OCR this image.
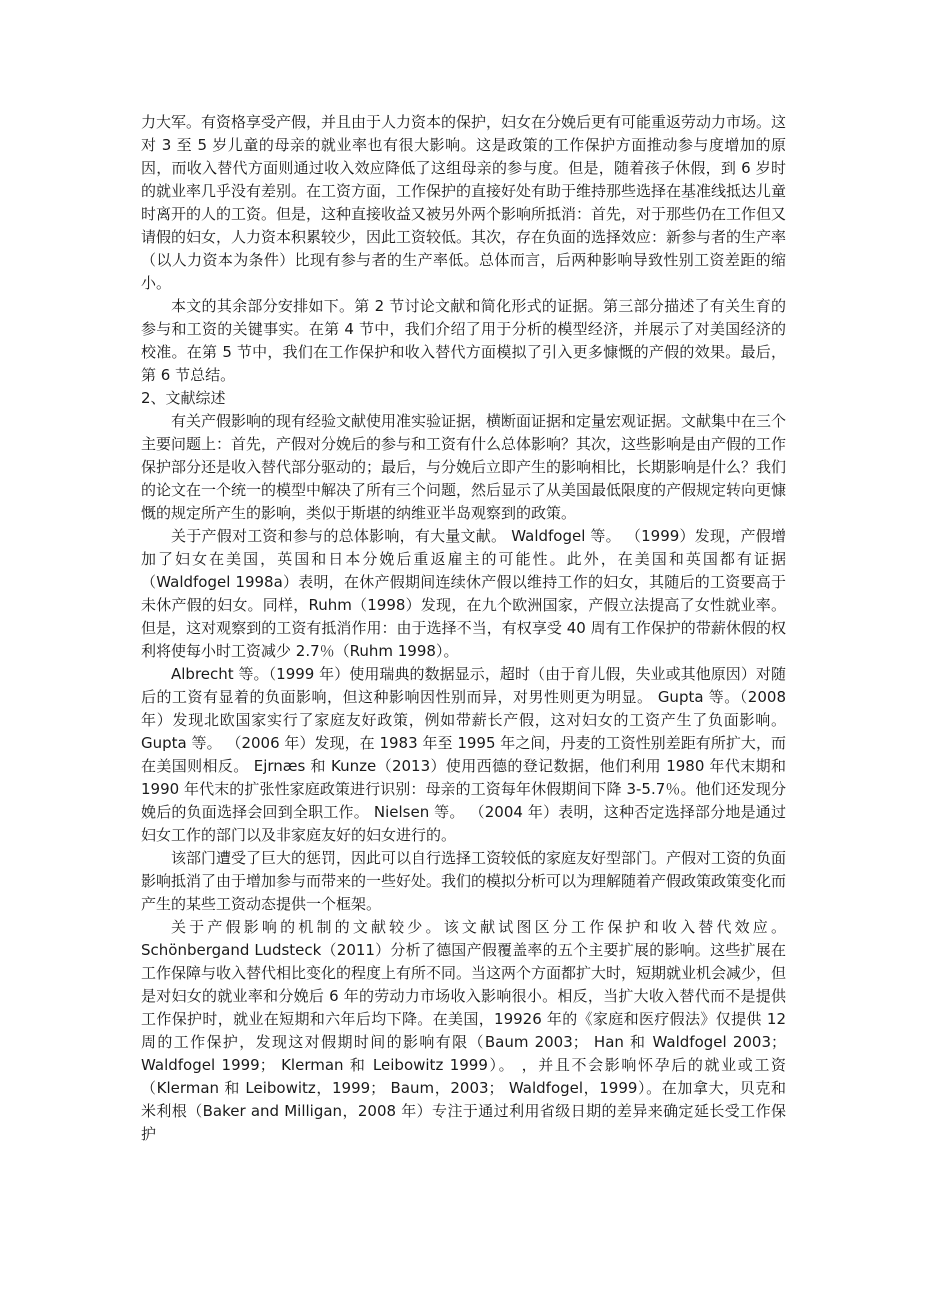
力大军。有资格享受产假，并且由于人力资本的保护，妇女在分娩后更有可能重返劳动力市场。这对 3 至 5 岁儿童的母亲的就业率也有很大影响。这是政策的工作保护方面推动参与度增加的原因，而收入替代方面则通过收入效应降低了这组母亲的参与度。但是，随着孩子休假，到 6 岁时的就业率几乎没有差别。在工资方面，工作保护的直接好处有助于维持那些选择在基准线抵达儿童时离开的人的工资。但是，这种直接收益又被另外两个影响所抵消：首先，对于那些仍在工作但又请假的妇女，人力资本积累较少，因此工资较低。其次，存在负面的选择效应：新参与者的生产率（以人力资本为条件）比现有参与者的生产率低。总体而言，后两种影响导致性别工资差距的缩小。

本文的其余部分安排如下。第 2 节讨论文献和简化形式的证据。第三部分描述了有关生育的参与和工资的关键事实。在第 4 节中，我们介绍了用于分析的模型经济，并展示了对美国经济的校准。在第 5 节中，我们在工作保护和收入替代方面模拟了引入更多慷慨的产假的效果。最后，第 6 节总结。

2、文献综述

有关产假影响的现有经验文献使用准实验证据，横断面证据和定量宏观证据。文献集中在三个主要问题上：首先，产假对分娩后的参与和工资有什么总体影响？其次，这些影响是由产假的工作保护部分还是收入替代部分驱动的；最后，与分娩后立即产生的影响相比，长期影响是什么？我们的论文在一个统一的模型中解决了所有三个问题，然后显示了从美国最低限度的产假规定转向更慷慨的规定所产生的影响，类似于斯堪的纳维亚半岛观察到的政策。

关于产假对工资和参与的总体影响，有大量文献。 Waldfogel 等。 （1999）发现，产假增加了妇女在美国，英国和日本分娩后重返雇主的可能性。此外，在美国和英国都有证据（Waldfogel 1998a）表明，在休产假期间连续休产假以维持工作的妇女，其随后的工资要高于未休产假的妇女。同样，Ruhm（1998）发现，在九个欧洲国家，产假立法提高了女性就业率。但是，这对观察到的工资有抵消作用：由于选择不当，有权享受 40 周有工作保护的带薪休假的权利将使每小时工资减少 2.7％（Ruhm 1998）。

Albrecht 等。（1999 年）使用瑞典的数据显示，超时（由于育儿假，失业或其他原因）对随后的工资有显着的负面影响，但这种影响因性别而异，对男性则更为明显。 Gupta 等。（2008 年）发现北欧国家实行了家庭友好政策，例如带薪长产假，这对妇女的工资产生了负面影响。 Gupta 等。 （2006 年）发现，在 1983 年至 1995 年之间，丹麦的工资性别差距有所扩大，而在美国则相反。 Ejrnæs 和 Kunze（2013）使用西德的登记数据，他们利用 1980 年代末期和 1990 年代末的扩张性家庭政策进行识别：母亲的工资每年休假期间下降 3-5.7％。他们还发现分娩后的负面选择会回到全职工作。 Nielsen 等。 （2004 年）表明，这种否定选择部分地是通过妇女工作的部门以及非家庭友好的妇女进行的。

该部门遭受了巨大的惩罚，因此可以自行选择工资较低的家庭友好型部门。产假对工资的负面影响抵消了由于增加参与而带来的一些好处。我们的模拟分析可以为理解随着产假政策政策变化而产生的某些工资动态提供一个框架。

关于产假影响的机制的文献较少。该文献试图区分工作保护和收入替代效应。Schönbergand Ludsteck（2011）分析了德国产假覆盖率的五个主要扩展的影响。这些扩展在工作保障与收入替代相比变化的程度上有所不同。当这两个方面都扩大时，短期就业机会减少，但是对妇女的就业率和分娩后 6 年的劳动力市场收入影响很小。相反，当扩大收入替代而不是提供工作保护时，就业在短期和六年后均下降。在美国，19926 年的《家庭和医疗假法》仅提供 12 周的工作保护，发现这对假期时间的影响有限（Baum 2003； Han 和 Waldfogel 2003； Waldfogel 1999； Klerman 和 Leibowitz 1999）。 ，并且不会影响怀孕后的就业或工资（Klerman 和 Leibowitz，1999； Baum，2003； Waldfogel，1999）。在加拿大，贝克和米利根（Baker and Milligan，2008 年）专注于通过利用省级日期的差异来确定延长受工作保护
